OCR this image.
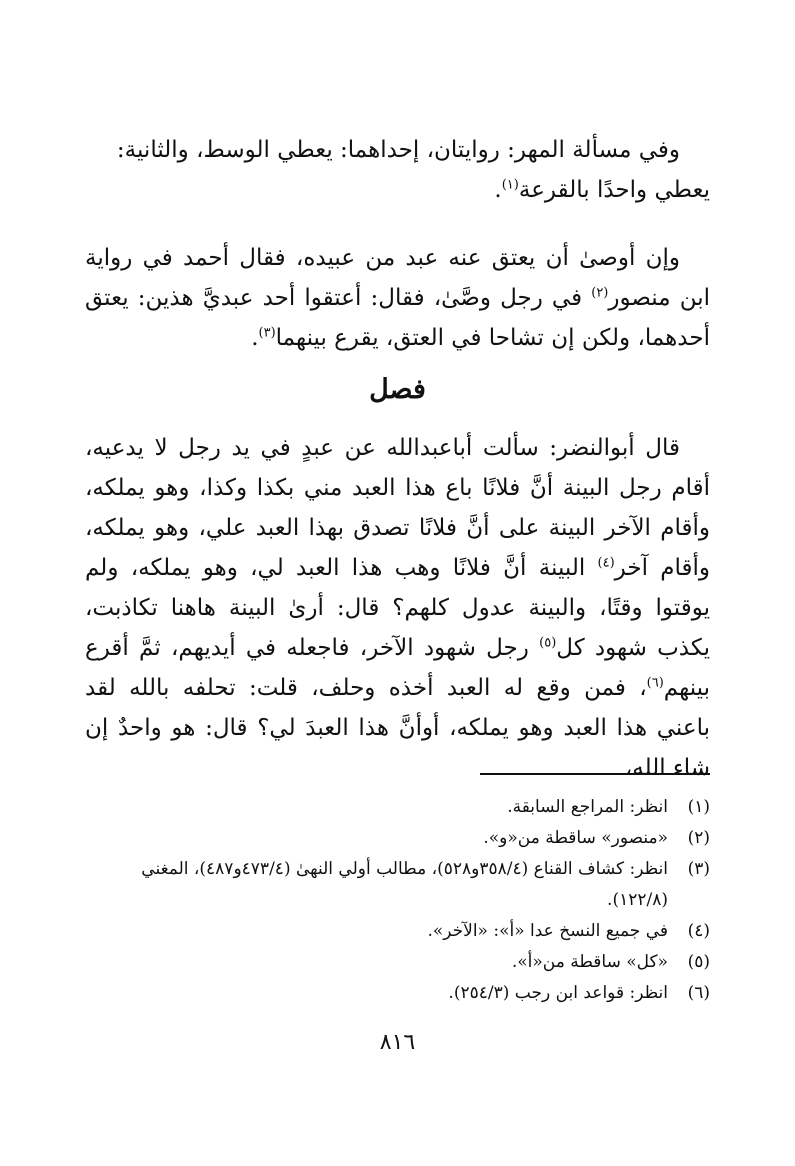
وفي مسألة المهر: روايتان، إحداهما: يعطي الوسط، والثانية:
يعطي واحدًا بالقرعة$^{(١)}$.

وإن أوصىٰ أن يعتق عنه عبد من عبيده، فقال أحمد في رواية ابن منصور$^{(٢)}$ في رجل وصَّىٰ، فقال: أعتقوا أحد عبديَّ هذين: يعتق أحدهما، ولكن إن تشاحا في العتق، يقرع بينهما$^{(٣)}$.

فصل

قال أبوالنضر: سألت أباعبدالله عن عبدٍ في يد رجل لا يدعيه، أقام رجل البينة أنَّ فلانًا باع هذا العبد مني بكذا وكذا، وهو يملكه، وأقام الآخر البينة على أنَّ فلانًا تصدق بهذا العبد علي، وهو يملكه، وأقام آخر$^{(٤)}$ البينة أنَّ فلانًا وهب هذا العبد لي، وهو يملكه، ولم يوقتوا وقتًا، والبينة عدول كلهم؟ قال: أرىٰ البينة هاهنا تكاذبت، يكذب شهود كل$^{(٥)}$ رجل شهود الآخر، فاجعله في أيديهم، ثمَّ أقرع بينهم$^{(٦)}$، فمن وقع له العبد أخذه وحلف، قلت: تحلفه بالله لقد باعني هذا العبد وهو يملكه، أوأنَّ هذا العبدَ لي؟ قال: هو واحدٌ إن شاء الله،

(١)
انظر: المراجع السابقة.
(٢)
«منصور» ساقطة من«و».
(٣)
انظر: كشاف القناع (٣٥٨/٤و٥٢٨)، مطالب أولي النهىٰ (٤٧٣/٤و٤٨٧)، المغني (١٢٢/٨).
(٤)
في جميع النسخ عدا «أ»: «الآخر».
(٥)
«كل» ساقطة من«أ».
(٦)
انظر: قواعد ابن رجب (٢٥٤/٣).
٨١٦
